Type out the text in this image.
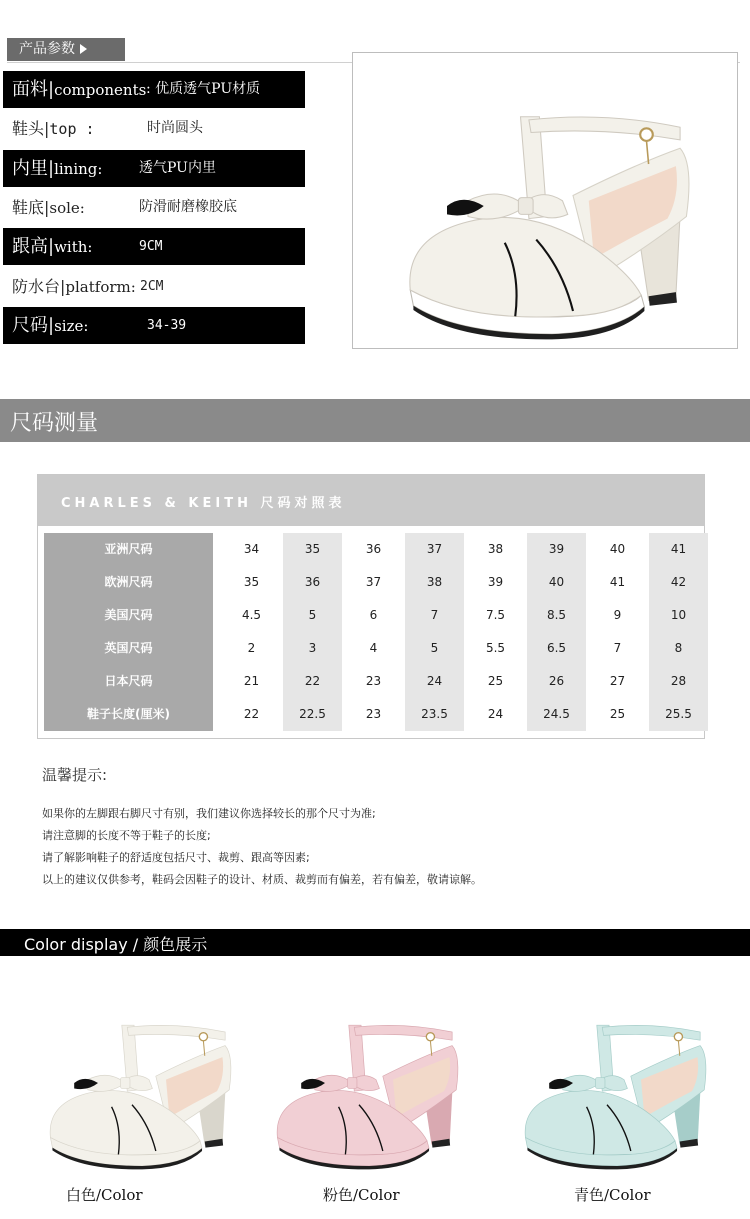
产品参数
面料|components : 优质透气PU材质
鞋头|top :	时尚圆头
内里|lining:	透气PU内里
鞋底|sole:	防滑耐磨橡胶底
跟高|with:	9CM
防水台|platform: 2CM
尺码|size:	34-39
尺码测量
CHARLES & KEITH 尺码对照表
亚洲尺码	34	35	36	37	38	39	40	41
欧洲尺码	35	36	37	38	39	40	41	42
美国尺码	4.5	5	6	7	7.5	8.5	9	10
英国尺码	2	3	4	5	5.5	6.5	7	8
日本尺码	21	22	23	24	25	26	27	28
鞋子长度(厘米)	22	22.5	23	23.5	24	24.5	25	25.5
温馨提示:
如果你的左脚跟右脚尺寸有别，我们建议你选择较长的那个尺寸为准;
请注意脚的长度不等于鞋子的长度;
请了解影响鞋子的舒适度包括尺寸、裁剪、跟高等因素;
以上的建议仅供参考，鞋码会因鞋子的设计、材质、裁剪而有偏差，若有偏差，敬请谅解。
Color display / 颜色展示
白色/Color	粉色/Color	青色/Color
